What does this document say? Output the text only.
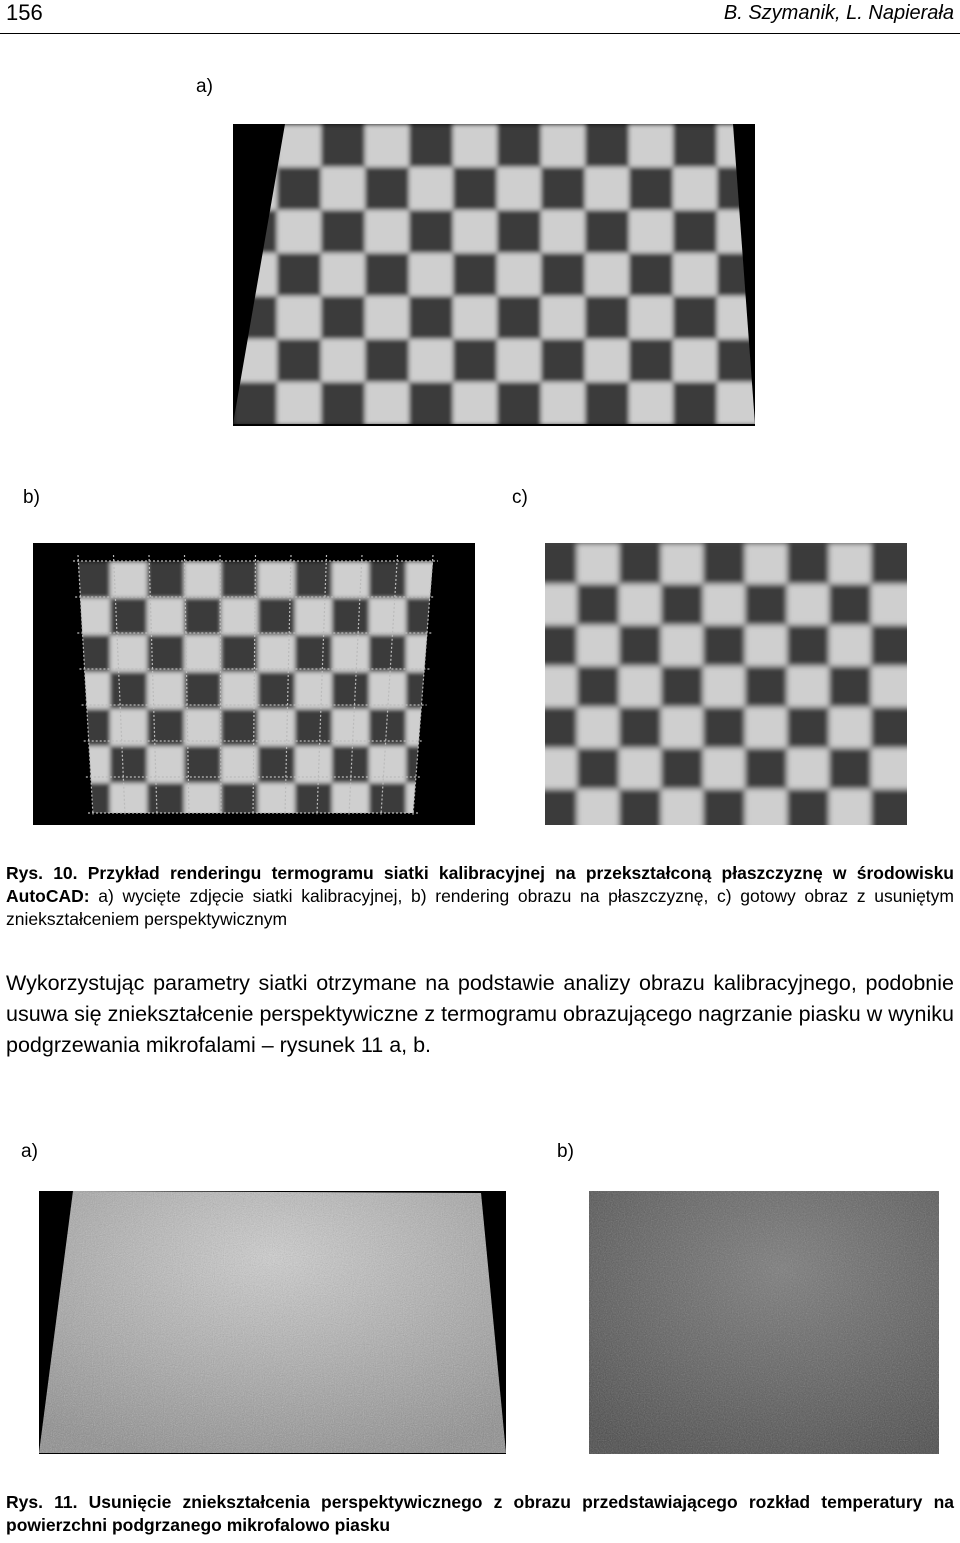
156	B. Szymanik, L. Napierała
a)
b)	c)
Rys. 10. Przykład renderingu termogramu siatki kalibracyjnej na przekształconą płaszczyznę w środowisku AutoCAD: a) wycięte zdjęcie siatki kalibracyjnej, b) rendering obrazu na płaszczyznę, c) gotowy obraz z usuniętym zniekształceniem perspektywicznym
Wykorzystując parametry siatki otrzymane na podstawie analizy obrazu kalibracyjnego, podobnie usuwa się zniekształcenie perspektywiczne z termogramu obrazującego nagrzanie piasku w wyniku podgrzewania mikrofalami – rysunek 11 a, b.
a)	b)
Rys. 11. Usunięcie zniekształcenia perspektywicznego z obrazu przedstawiającego rozkład temperatury na powierzchni podgrzanego mikrofalowo piasku
